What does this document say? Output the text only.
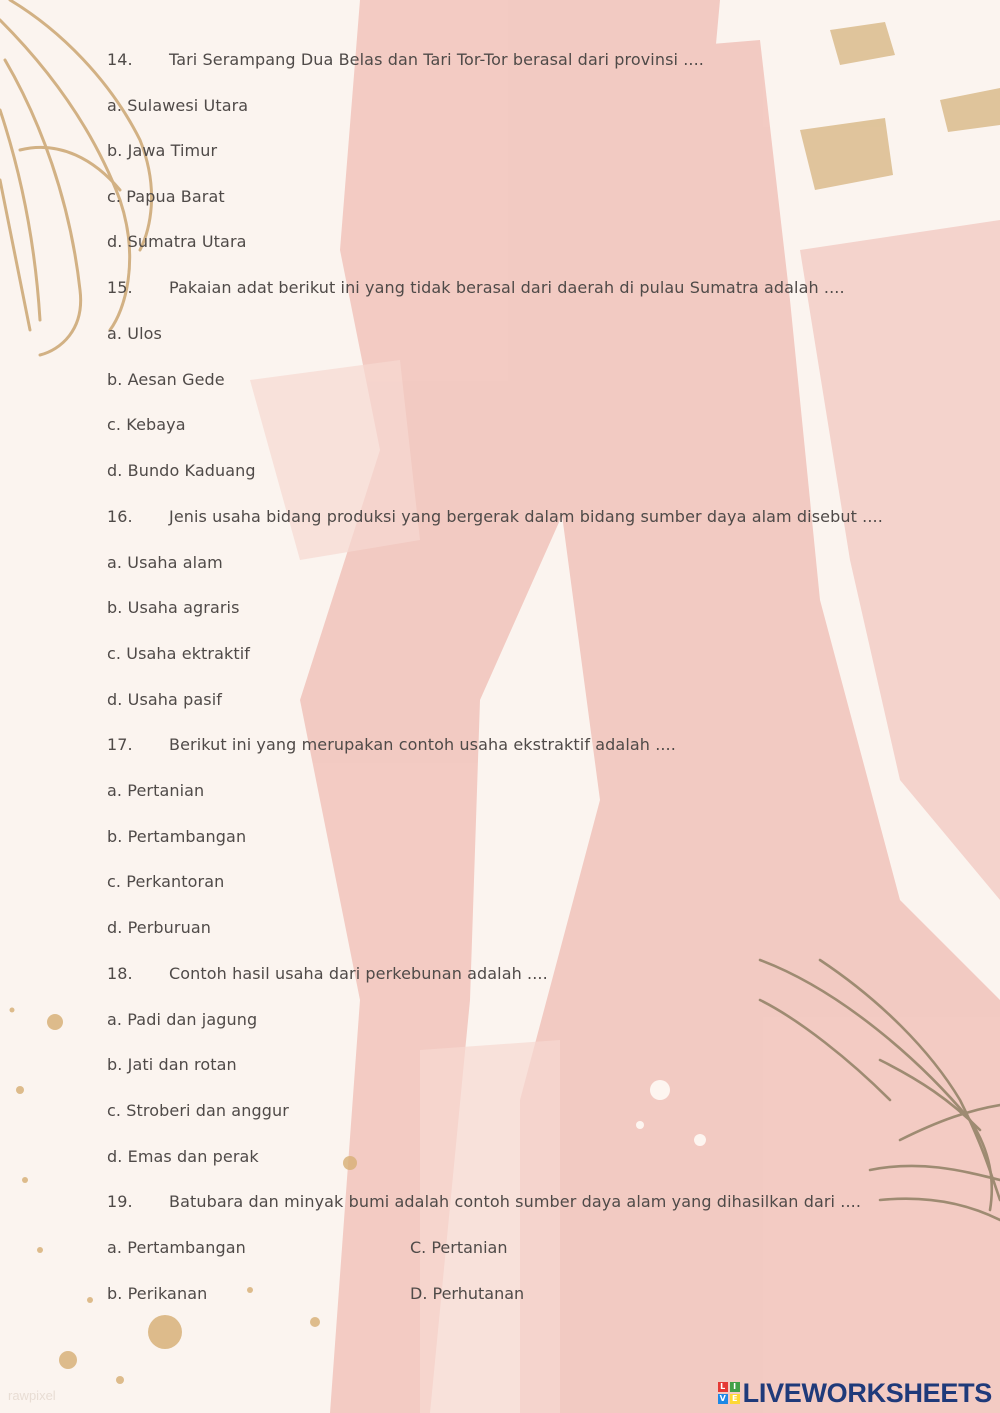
rawpixel
14. Tari Serampang Dua Belas dan Tari Tor-Tor berasal dari provinsi ....
a. Sulawesi Utara
b. Jawa Timur
c. Papua Barat
d. Sumatra Utara
15. Pakaian adat berikut ini yang tidak berasal dari daerah di pulau Sumatra adalah ....
a. Ulos
b. Aesan Gede
c. Kebaya
d. Bundo Kaduang
16. Jenis usaha bidang produksi yang bergerak dalam bidang sumber daya alam disebut ....
a. Usaha alam
b. Usaha agraris
c. Usaha ektraktif
d. Usaha pasif
17. Berikut ini yang merupakan contoh usaha ekstraktif adalah ....
a. Pertanian
b. Pertambangan
c. Perkantoran
d. Perburuan
18. Contoh hasil usaha dari perkebunan adalah ....
a. Padi dan jagung
b. Jati dan rotan
c. Stroberi dan anggur
d. Emas dan perak
19. Batubara dan minyak bumi adalah contoh sumber daya alam yang dihasilkan dari ....
a. Pertambangan	C. Pertanian
b. Perikanan	D. Perhutanan
L I
V E LIVEWORKSHEETS
